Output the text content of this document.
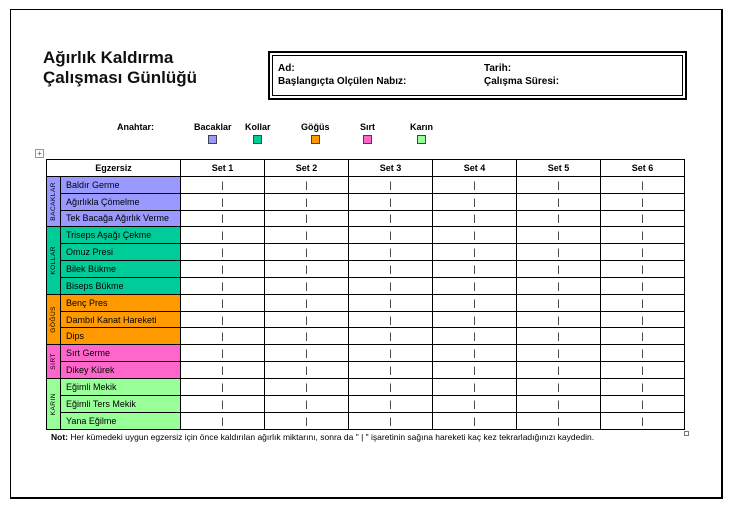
Ağırlık Kaldırma
Çalışması Günlüğü	Ad:
Başlangıçta Olçülen Nabız:
Tarih:
Çalışma Süresi:
Anahtar:	Bacaklar Kollar	Göğüs	Sırt	Karın
+
Egzersiz		Set 1	Set 2	Set 3	Set 4	Set 5	Set 6

BACAKLAR	Baldır Germe	|	|	|	|	|	|
	Ağırlıkla Çömelme	|	|	|	|	|	|
	Tek Bacağa Ağırlık Verme	|	|	|	|	|	|

KOLLAR	Triseps Aşağı Çekme	|	|	|	|	|	|
	Omuz Presi	|	|	|	|	|	|
	Bilek Bükme	|	|	|	|	|	|
	Biseps Bükme	|	|	|	|	|	|

GÖĞÜS	Benç Pres	|	|	|	|	|	|
	Dambıl Kanat Hareketi	|	|	|	|	|	|
	Dips	|	|	|	|	|	|

SIRT	Sırt Germe	|	|	|	|	|	|
	Dikey Kürek	|	|	|	|	|	|

KARIN	Eğimli Mekik	|	|	|	|	|	|
	Eğimli Ters Mekik	|	|	|	|	|	|
	Yana Eğilme	|	|	|	|	|	|
Not: Her kümedeki uygun egzersiz için önce kaldırılan ağırlık miktarını, sonra da " | " işaretinin sağına hareketi kaç kez tekrarladığınızı kaydedin.
